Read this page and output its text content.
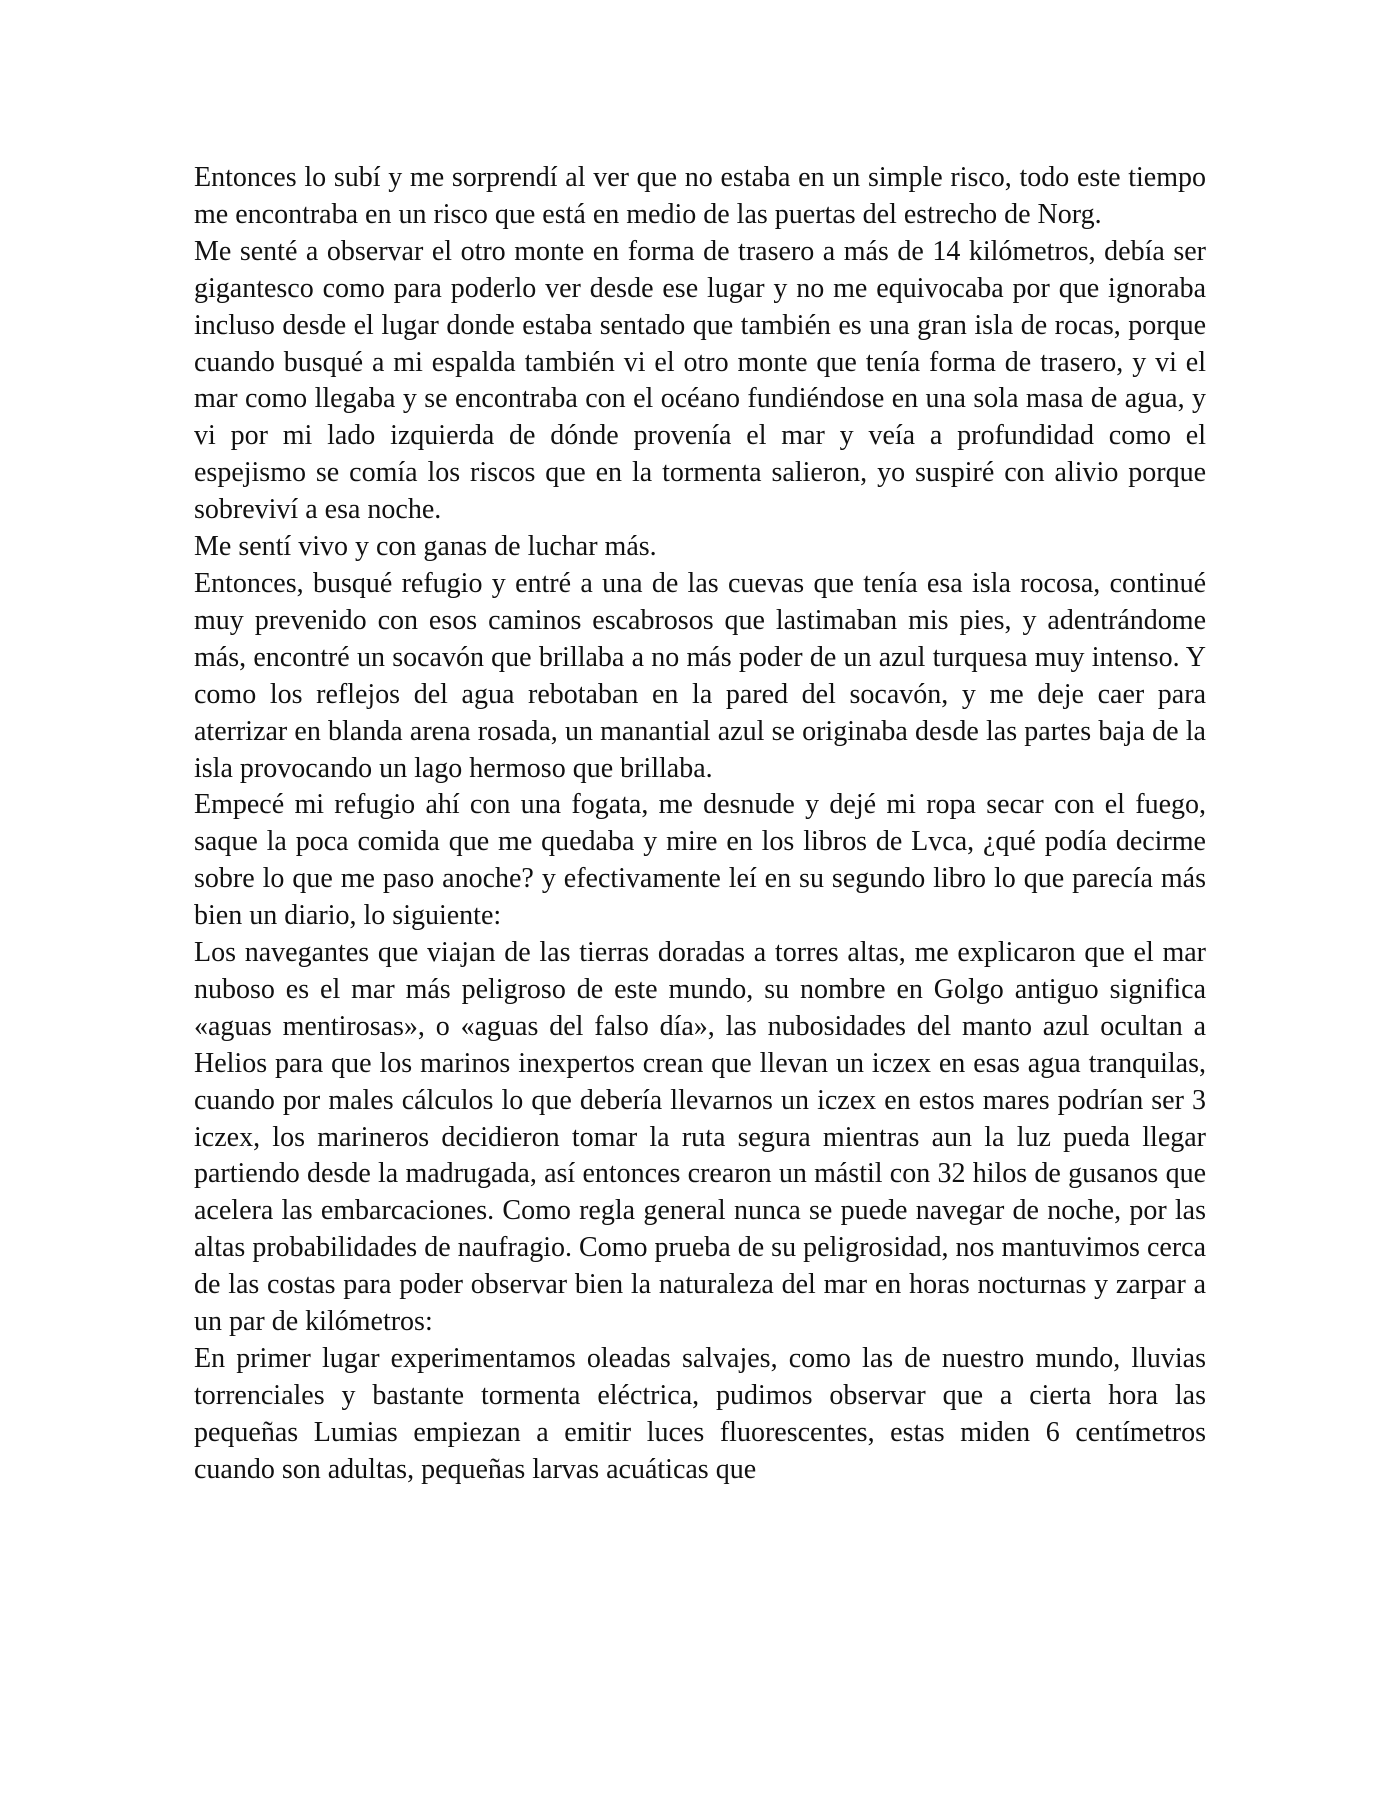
Entonces lo subí y me sorprendí al ver que no estaba en un simple risco, todo este tiempo me encontraba en un risco que está en medio de las puertas del estrecho de Norg.

Me senté a observar el otro monte en forma de trasero a más de 14 kilómetros, debía ser gigantesco como para poderlo ver desde ese lugar y no me equivocaba por que ignoraba incluso desde el lugar donde estaba sentado que también es una gran isla de rocas, porque cuando busqué a mi espalda también vi el otro monte que tenía forma de trasero, y vi el mar como llegaba y se encontraba con el océano fundiéndose en una sola masa de agua, y vi por mi lado izquierda de dónde provenía el mar y veía a profundidad como el espejismo se comía los riscos que en la tormenta salieron, yo suspiré con alivio porque sobreviví a esa noche.

Me sentí vivo y con ganas de luchar más.

Entonces, busqué refugio y entré a una de las cuevas que tenía esa isla rocosa, continué muy prevenido con esos caminos escabrosos que lastimaban mis pies, y adentrándome más, encontré un socavón que brillaba a no más poder de un azul turquesa muy intenso. Y como los reflejos del agua rebotaban en la pared del socavón, y me deje caer para aterrizar en blanda arena rosada, un manantial azul se originaba desde las partes baja de la isla provocando un lago hermoso que brillaba.

Empecé mi refugio ahí con una fogata, me desnude y dejé mi ropa secar con el fuego, saque la poca comida que me quedaba y mire en los libros de Lvca, ¿qué podía decirme sobre lo que me paso anoche? y efectivamente leí en su segundo libro lo que parecía más bien un diario, lo siguiente:

Los navegantes que viajan de las tierras doradas a torres altas, me explicaron que el mar nuboso es el mar más peligroso de este mundo, su nombre en Golgo antiguo significa «aguas mentirosas», o «aguas del falso día», las nubosidades del manto azul ocultan a Helios para que los marinos inexpertos crean que llevan un iczex en esas agua tranquilas, cuando por males cálculos lo que debería llevarnos un iczex en estos mares podrían ser 3 iczex, los marineros decidieron tomar la ruta segura mientras aun la luz pueda llegar partiendo desde la madrugada, así entonces crearon un mástil con 32 hilos de gusanos que acelera las embarcaciones. Como regla general nunca se puede navegar de noche, por las altas probabilidades de naufragio. Como prueba de su peligrosidad, nos mantuvimos cerca de las costas para poder observar bien la naturaleza del mar en horas nocturnas y zarpar a un par de kilómetros:

En primer lugar experimentamos oleadas salvajes, como las de nuestro mundo, lluvias torrenciales y bastante tormenta eléctrica, pudimos observar que a cierta hora las pequeñas Lumias empiezan a emitir luces fluorescentes, estas miden 6 centímetros cuando son adultas, pequeñas larvas acuáticas que
